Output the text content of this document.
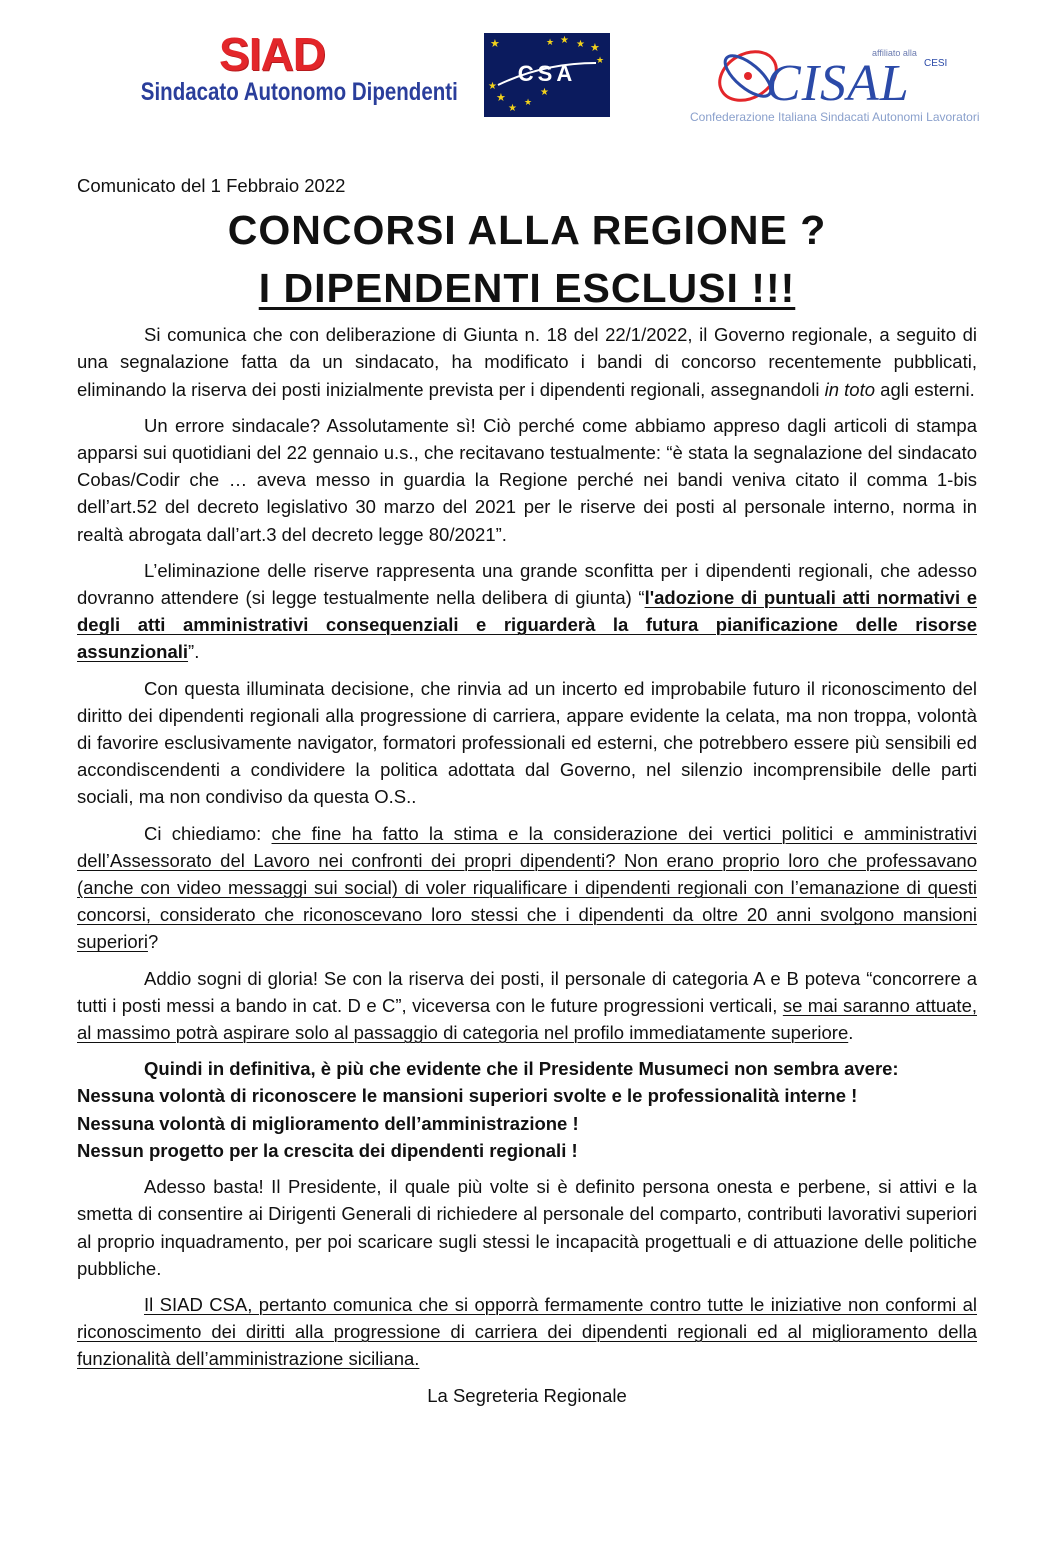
SIAD
Sindacato Autonomo Dipendenti
★	★ ★ ★ ★
★
★
★
★ ★
★
CSA	CISAL
affiliato alla
CESI
Confederazione Italiana Sindacati Autonomi Lavoratori
Comunicato del 1 Febbraio 2022
CONCORSI ALLA REGIONE ?
I DIPENDENTI ESCLUSI !!!

Si comunica che con deliberazione di Giunta n. 18 del 22/1/2022, il Governo regionale, a seguito di una segnalazione fatta da un sindacato, ha modificato i bandi di concorso recentemente pubblicati, eliminando la riserva dei posti inizialmente prevista per i dipendenti regionali, assegnandoli in toto agli esterni.

Un errore sindacale? Assolutamente sì! Ciò perché come abbiamo appreso dagli articoli di stampa apparsi sui quotidiani del 22 gennaio u.s., che recitavano testualmente: “è stata la segnalazione del sindacato Cobas/Codir che … aveva messo in guardia la Regione perché nei bandi veniva citato il comma 1-bis dell’art.52 del decreto legislativo 30 marzo del 2021 per le riserve dei posti al personale interno, norma in realtà abrogata dall’art.3 del decreto legge 80/2021”.

L’eliminazione delle riserve rappresenta una grande sconfitta per i dipendenti regionali, che adesso dovranno attendere (si legge testualmente nella delibera di giunta) “l'adozione di puntuali atti normativi e degli atti amministrativi consequenziali e riguarderà la futura pianificazione delle risorse assunzionali”.

Con questa illuminata decisione, che rinvia ad un incerto ed improbabile futuro il riconoscimento del diritto dei dipendenti regionali alla progressione di carriera, appare evidente la celata, ma non troppa, volontà di favorire esclusivamente navigator, formatori professionali ed esterni, che potrebbero essere più sensibili ed accondiscendenti a condividere la politica adottata dal Governo, nel silenzio incomprensibile delle parti sociali, ma non condiviso da questa O.S..

Ci chiediamo: che fine ha fatto la stima e la considerazione dei vertici politici e amministrativi dell’Assessorato del Lavoro nei confronti dei propri dipendenti? Non erano proprio loro che professavano (anche con video messaggi sui social) di voler riqualificare i dipendenti regionali con l’emanazione di questi concorsi, considerato che riconoscevano loro stessi che i dipendenti da oltre 20 anni svolgono mansioni superiori?

Addio sogni di gloria! Se con la riserva dei posti, il personale di categoria A e B poteva “concorrere a tutti i posti messi a bando in cat. D e C”, viceversa con le future progressioni verticali, se mai saranno attuate, al massimo potrà aspirare solo al passaggio di categoria nel profilo immediatamente superiore.

Quindi in definitiva, è più che evidente che il Presidente Musumeci non sembra avere:
Nessuna volontà di riconoscere le mansioni superiori svolte e le professionalità interne !
Nessuna volontà di miglioramento dell’amministrazione !
Nessun progetto per la crescita dei dipendenti regionali !

Adesso basta! Il Presidente, il quale più volte si è definito persona onesta e perbene, si attivi e la smetta di consentire ai Dirigenti Generali di richiedere al personale del comparto, contributi lavorativi superiori al proprio inquadramento, per poi scaricare sugli stessi le incapacità progettuali e di attuazione delle politiche pubbliche.

Il SIAD CSA, pertanto comunica che si opporrà fermamente contro tutte le iniziative non conformi al riconoscimento dei diritti alla progressione di carriera dei dipendenti regionali ed al miglioramento della funzionalità dell’amministrazione siciliana.

La Segreteria Regionale
